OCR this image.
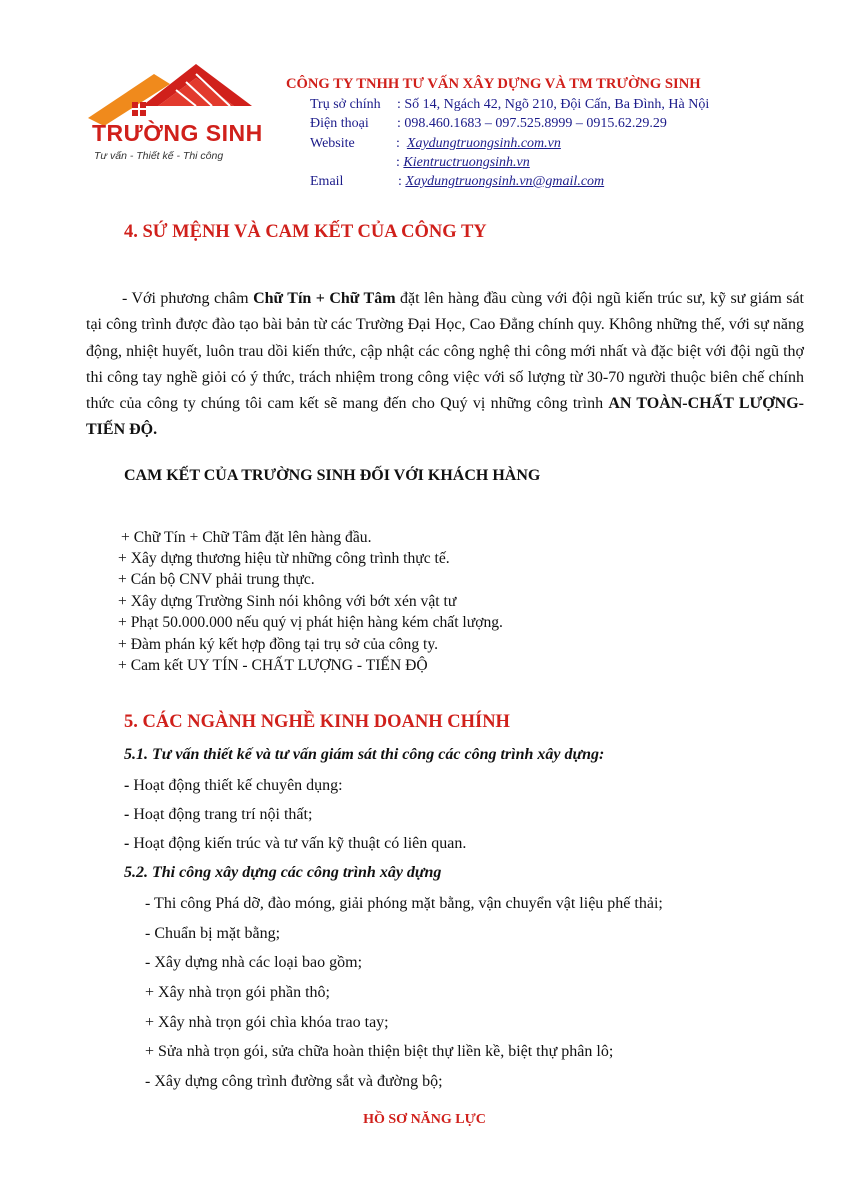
TRƯỜNG SINH
Tư vấn - Thiết kế - Thi công
CÔNG TY TNHH TƯ VẤN XÂY DỰNG VÀ TM TRƯỜNG SINH
Trụ sở chính : Số 14, Ngách 42, Ngõ 210, Đội Cấn, Ba Đình, Hà Nội
Điện thoại : 098.460.1683 – 097.525.8999 – 0915.62.29.29
Website	:  Xaydungtruongsinh.com.vn
: Kientructruongsinh.vn
Email	: Xaydungtruongsinh.vn@gmail.com
4. SỨ MỆNH VÀ CAM KẾT CỦA CÔNG TY
- Với phương châm Chữ Tín + Chữ Tâm đặt lên hàng đầu cùng với đội ngũ kiến trúc sư, kỹ sư giám sát tại công trình được đào tạo bài bản từ các Trường Đại Học, Cao Đẳng chính quy. Không những thế, với sự năng động, nhiệt huyết, luôn trau dồi kiến thức, cập nhật các công nghệ thi công mới nhất và đặc biệt với đội ngũ thợ thi công tay nghề giỏi có ý thức, trách nhiệm trong công việc với số lượng từ 30-70 người thuộc biên chế chính thức của công ty chúng tôi cam kết sẽ mang đến cho Quý vị những công trình AN TOÀN-CHẤT LƯỢNG-TIẾN ĐỘ.
CAM KẾT CỦA TRƯỜNG SINH ĐỐI VỚI KHÁCH HÀNG
+ Chữ Tín + Chữ Tâm đặt lên hàng đầu.
+ Xây dựng thương hiệu từ những công trình thực tế.
+ Cán bộ CNV phải trung thực.
+ Xây dựng Trường Sinh nói không với bớt xén vật tư
+ Phạt 50.000.000 nếu quý vị phát hiện hàng kém chất lượng.
+ Đàm phán ký kết hợp đồng tại trụ sở của công ty.
+ Cam kết UY TÍN - CHẤT LƯỢNG - TIẾN ĐỘ
5. CÁC NGÀNH NGHỀ KINH DOANH CHÍNH
5.1. Tư vấn thiết kế và tư vấn giám sát thi công các công trình xây dựng:
- Hoạt động thiết kế chuyên dụng:
- Hoạt động trang trí nội thất;
- Hoạt động kiến trúc và tư vấn kỹ thuật có liên quan.
5.2. Thi công xây dựng các công trình xây dựng
- Thi công Phá dỡ, đào móng, giải phóng mặt bằng, vận chuyển vật liệu phế thải;
- Chuẩn bị mặt bằng;
- Xây dựng nhà các loại bao gồm;
+ Xây nhà trọn gói phần thô;
+ Xây nhà trọn gói chìa khóa trao tay;
+ Sửa nhà trọn gói, sửa chữa hoàn thiện biệt thự liền kề, biệt thự phân lô;
- Xây dựng công trình đường sắt và đường bộ;
HỒ SƠ NĂNG LỰC
